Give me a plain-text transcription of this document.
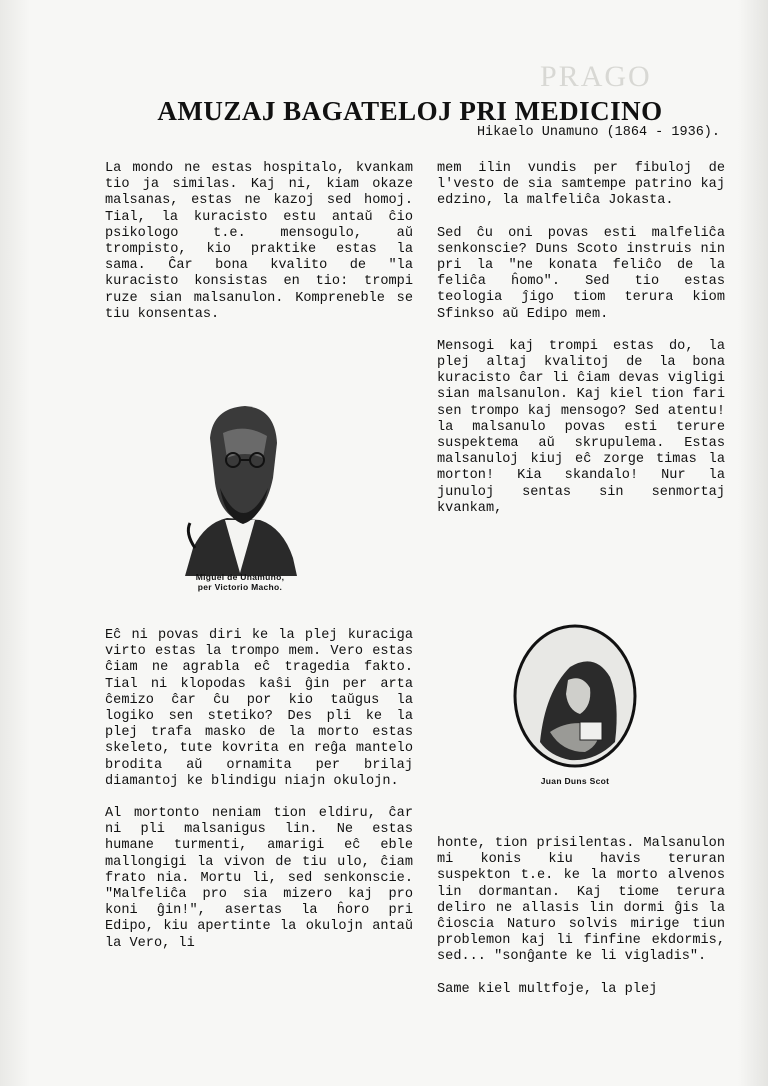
PRAGO
AMUZAJ BAGATELOJ PRI MEDICINO
Hikaelo Unamuno (1864 - 1936).

La mondo ne estas hospitalo, kvankam tio ja similas. Kaj ni, kiam okaze malsanas, estas ne kazoj sed homoj. Tial, la kuracisto estu antaŭ ĉio psikologo t.e. mensogulo, aŭ trompisto, kio praktike estas la sama. Ĉar bona kvalito de "la kuracisto konsistas en tio: trompi ruze sian malsanulon. Kompreneble se tiu konsentas.

Miguel de Unamuno,
per Victorio Macho.

Eĉ ni povas diri ke la plej kuraciga virto estas la trompo mem. Vero estas ĉiam ne agrabla eĉ tragedia fakto. Tial ni klopodas kaŝi ĝin per arta ĉemizo ĉar ĉu por kio taŭgus la logiko sen stetiko? Des pli ke la plej trafa masko de la morto estas skeleto, tute kovrita en reĝa mantelo brodita aŭ ornamita per brilaj diamantoj ke blindigu niajn okulojn.

Al mortonto neniam tion eldiru, ĉar ni pli malsanigus lin. Ne estas humane turmenti, amarigi eĉ eble mallongigi la vivon de tiu ulo, ĉiam frato nia. Mortu li, sed senkonscie. "Malfeliĉa pro sia mizero kaj pro koni ĝin!", asertas la ĥoro pri Edipo, kiu apertinte la okulojn antaŭ la Vero, li

mem ilin vundis per fibuloj de l'vesto de sia samtempe patrino kaj edzino, la malfeliĉa Jokasta.

Sed ĉu oni povas esti malfeliĉa senkonscie? Duns Scoto instruis nin pri la "ne konata feliĉo de la feliĉa ĥomo". Sed tio estas teologia ĵigo tiom terura kiom Sfinkso aŭ Edipo mem.

Mensogi kaj trompi estas do, la plej altaj kvalitoj de la bona kuracisto ĉar li ĉiam devas vigligi sian malsanulon. Kaj kiel tion fari sen trompo kaj mensogo? Sed atentu! la malsanulo povas esti terure suspektema aŭ skrupulema. Estas malsanuloj kiuj eĉ zorge timas la morton! Kia skandalo! Nur la junuloj sentas sin senmortaj kvankam,

Juan Duns Scot

honte, tion prisilentas. Malsanulon mi konis kiu havis teruran suspekton t.e. ke la morto alvenos lin dormantan. Kaj tiome terura deliro ne allasis lin dormi ĝis la ĉioscia Naturo solvis mirige tiun problemon kaj li finfine ekdormis, sed... "sonĝante ke li vigladis".

Same kiel multfoje, la plej
